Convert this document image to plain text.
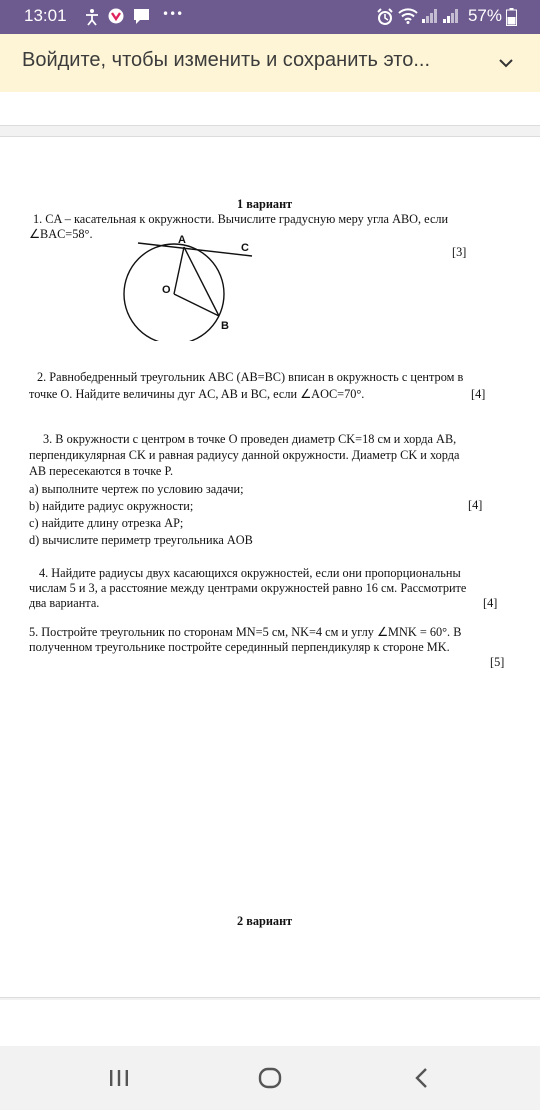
13:01	•••	57%
Войдите, чтобы изменить и сохранить это...
1 вариант
1. CA – касательная к окружности. Вычислите градусную меру угла ABO, если
∠BAC=58°.
[3]
A
C
O
B
2. Равнобедренный треугольник ABC (AB=BC) вписан в окружность с центром в
точке O. Найдите величины дуг AC, AB и BC, если ∠AOC=70°.	[4]
3. В окружности с центром в точке O проведен диаметр CK=18 см и хорда AB,
перпендикулярная CK и равная радиусу данной окружности. Диаметр CK и хорда
AB пересекаются в точке P.
a) выполните чертеж по условию задачи;
b) найдите радиус окружности;	[4]
c) найдите длину отрезка AP;
d) вычислите периметр треугольника AOB
4. Найдите радиусы двух касающихся окружностей, если они пропорциональны
числам 5 и 3, а расстояние между центрами окружностей равно 16 см. Рассмотрите
два варианта.	[4]
5. Постройте треугольник по сторонам MN=5 см, NK=4 см и углу ∠MNK = 60°. В
полученном треугольнике постройте серединный перпендикуляр к стороне MK.
[5]
2 вариант
